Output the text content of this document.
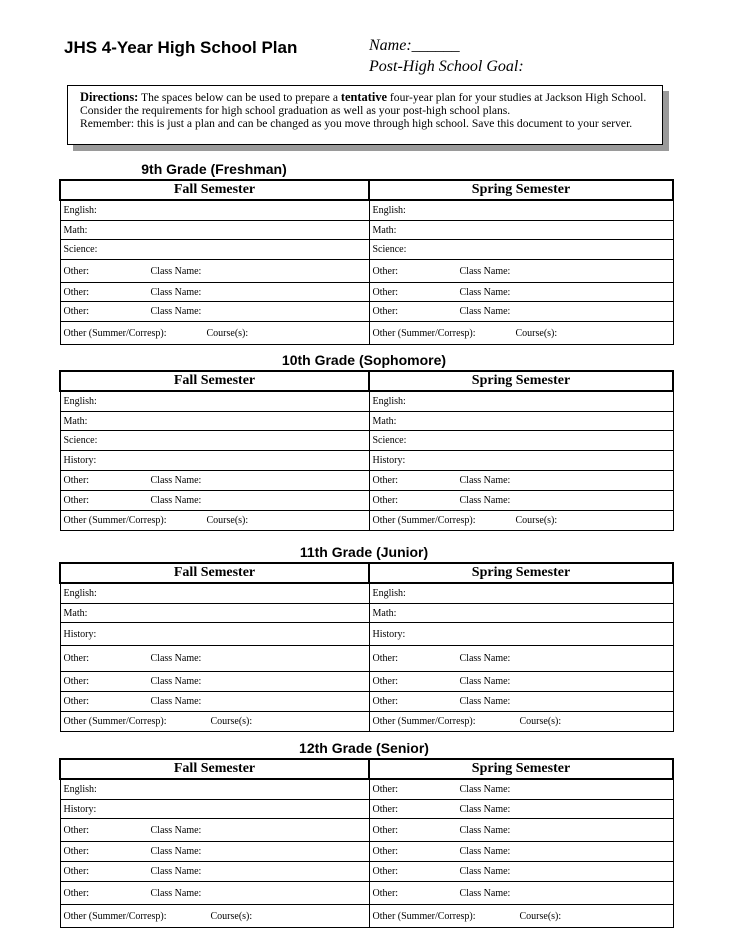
JHS 4-Year High School Plan	Name:______
Post-High School Goal:
Directions: The spaces below can be used to prepare a tentative four-year plan for your studies at Jackson High School. Consider the requirements for high school graduation as well as your post-high school plans.
Remember: this is just a plan and can be changed as you move through high school. Save this document to your server.
9th Grade (Freshman)
Fall Semester	Spring Semester
English:	English:
Math:	Math:
Science:	Science:
Other: Class Name:	Other: Class Name:

Other: Class Name:	Other: Class Name:

Other: Class Name:	Other: Class Name:

Other (Summer/Corresp): Course(s):	Other (Summer/Corresp): Course(s):
10th Grade (Sophomore)
Fall Semester	Spring Semester
English:	English:
Math:	Math:
Science:	Science:
History:	History:
Other: Class Name:	Other: Class Name:

Other: Class Name:	Other: Class Name:

Other (Summer/Corresp): Course(s):	Other (Summer/Corresp): Course(s):
11th Grade (Junior)
Fall Semester	Spring Semester
English:	English:
Math:	Math:
History:	History:
Other: Class Name:	Other: Class Name:

Other: Class Name:	Other: Class Name:

Other: Class Name:	Other: Class Name:

Other (Summer/Corresp): Course(s):	Other (Summer/Corresp): Course(s):
12th Grade (Senior)
Fall Semester	Spring Semester
English:	Other: Class Name:

History:	Other: Class Name:

Other: Class Name:	Other: Class Name:

Other: Class Name:	Other: Class Name:

Other: Class Name:	Other: Class Name:

Other: Class Name:	Other: Class Name:

Other (Summer/Corresp): Course(s):	Other (Summer/Corresp): Course(s):
